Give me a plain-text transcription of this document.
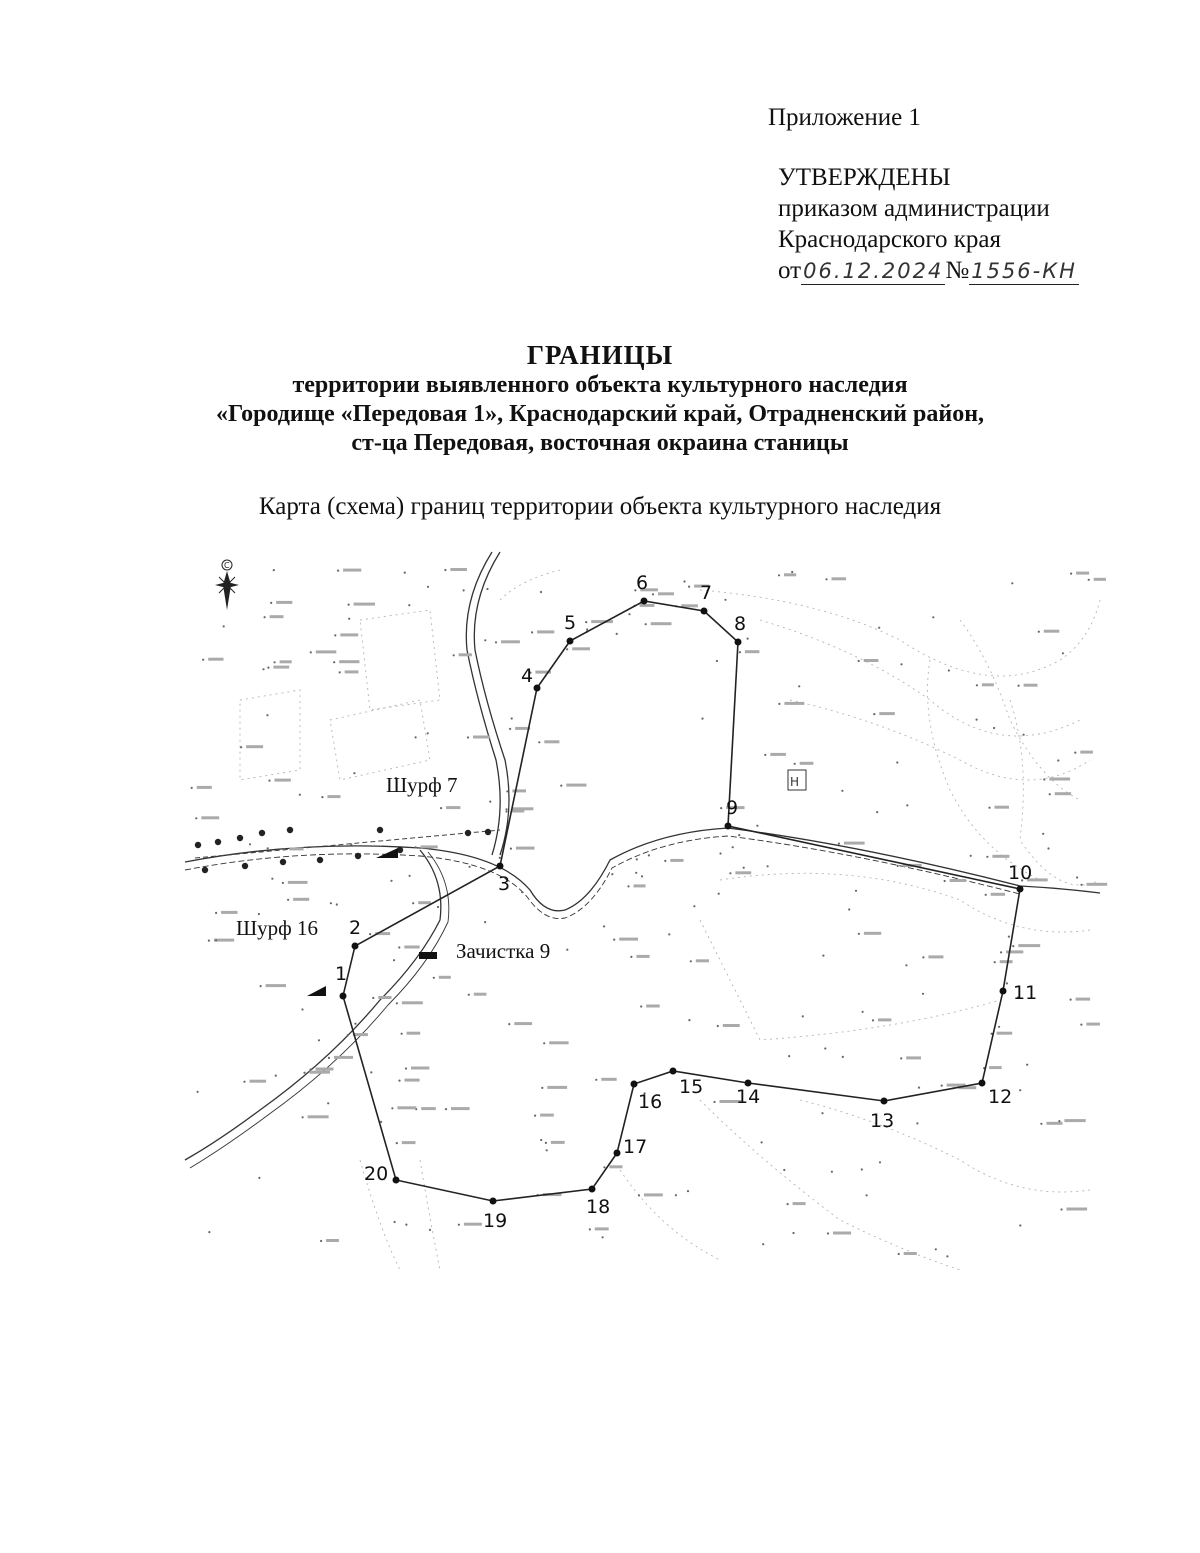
Приложение 1
УТВЕРЖДЕНЫ
приказом администрации
Краснодарского края
от06.12.2024№1556-КН
ГРАНИЦЫ
территории выявленного объекта культурного наследия
«Городище «Передовая 1», Краснодарский край, Отрадненский район,
ст-ца Передовая, восточная окраина станицы
Карта (схема) границ территории объекта культурного наследия
1
2
3
4
5
6	7
8
9
10
11
12
13
14
15
16
17
18
19
20
Н
Шурф 7
Шурф 16
Зачистка 9
С
